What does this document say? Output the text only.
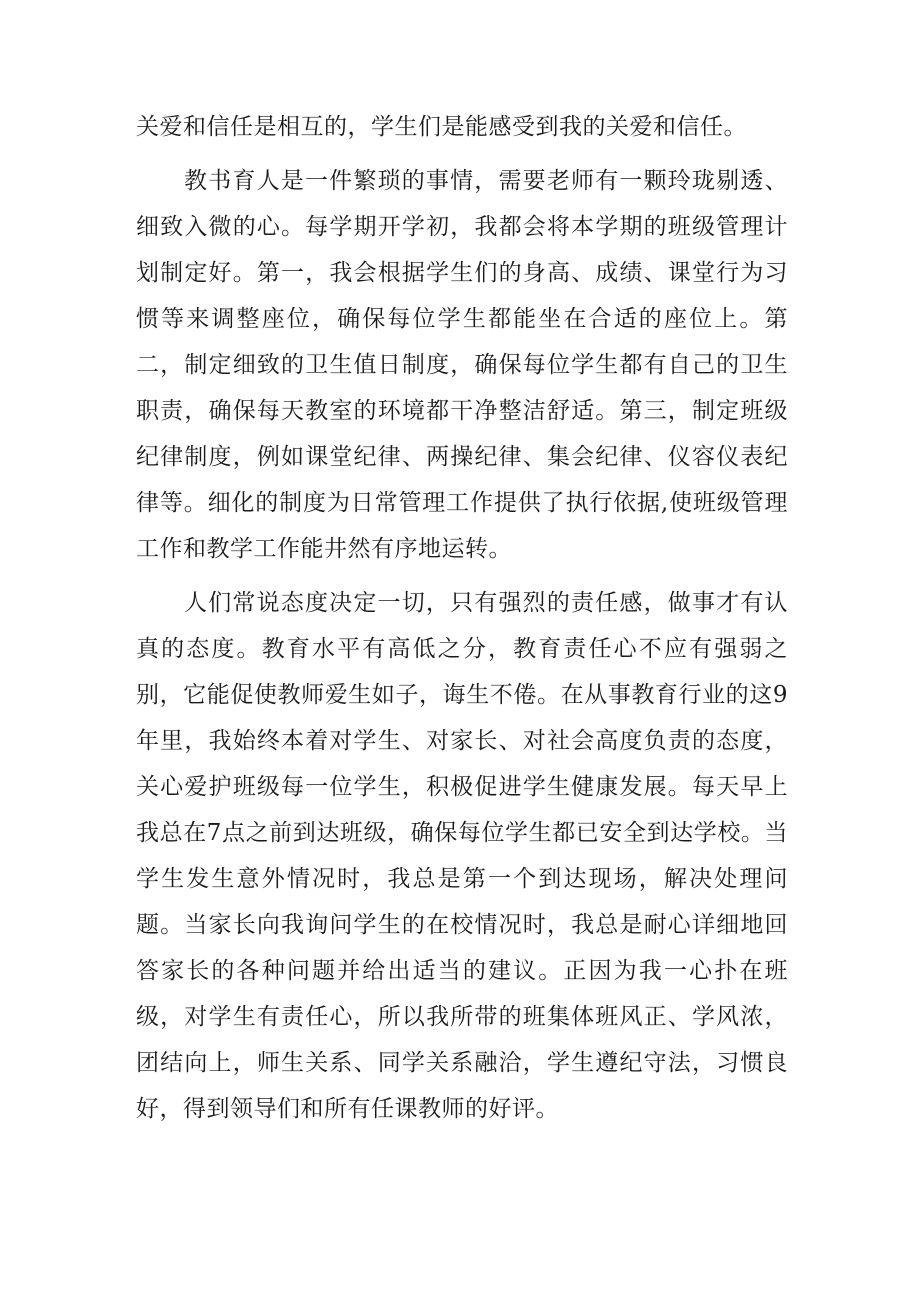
关爱和信任是相互的，学生们是能感受到我的关爱和信任。

教书育人是一件繁琐的事情，需要老师有一颗玲珑剔透、细致入微的心。每学期开学初，我都会将本学期的班级管理计划制定好。第一，我会根据学生们的身高、成绩、课堂行为习惯等来调整座位，确保每位学生都能坐在合适的座位上。第二，制定细致的卫生值日制度，确保每位学生都有自己的卫生职责，确保每天教室的环境都干净整洁舒适。第三，制定班级纪律制度，例如课堂纪律、两操纪律、集会纪律、仪容仪表纪律等。细化的制度为日常管理工作提供了执行依据,使班级管理工作和教学工作能井然有序地运转。

人们常说态度决定一切，只有强烈的责任感，做事才有认真的态度。教育水平有高低之分，教育责任心不应有强弱之别，它能促使教师爱生如子，诲生不倦。在从事教育行业的这9年里，我始终本着对学生、对家长、对社会高度负责的态度，关心爱护班级每一位学生，积极促进学生健康发展。每天早上我总在7点之前到达班级，确保每位学生都已安全到达学校。当学生发生意外情况时，我总是第一个到达现场，解决处理问题。当家长向我询问学生的在校情况时，我总是耐心详细地回答家长的各种问题并给出适当的建议。正因为我一心扑在班级，对学生有责任心，所以我所带的班集体班风正、学风浓，团结向上，师生关系、同学关系融洽，学生遵纪守法，习惯良好，得到领导们和所有任课教师的好评。
